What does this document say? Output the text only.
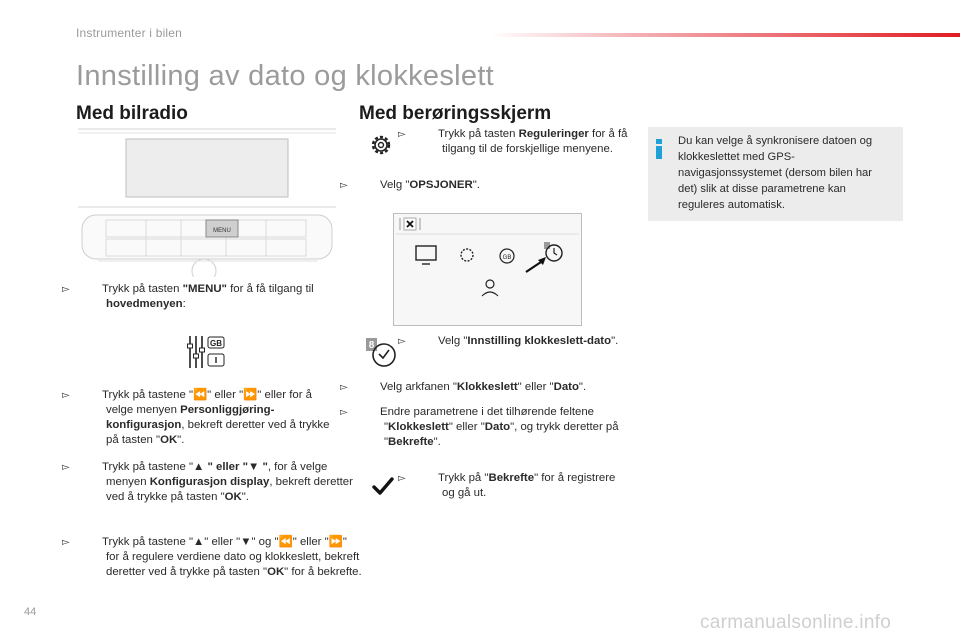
Instrumenter i bilen
Innstilling av dato og klokkeslett
Med bilradio
MENU
▻	Trykk på tasten "MENU" for å få tilgang til hovedmenyen:
GB
▻	Trykk på tastene "⏪" eller "⏩" eller for å velge menyen Personliggjøring-konfigurasjon, bekreft deretter ved å trykke på tasten "OK".
▻	Trykk på tastene "▲ " eller "▼ ", for å velge menyen Konfigurasjon display, bekreft deretter ved å trykke på tasten "OK".
▻	Trykk på tastene "▲" eller "▼" og "⏪" eller "⏩" for å regulere verdiene dato og klokkeslett, bekreft deretter ved å trykke på tasten "OK" for å bekrefte.
Med berøringsskjerm
▻	Trykk på tasten Reguleringer for å få tilgang til de forskjellige menyene.
▻	Velg "OPSJONER".
GB
8 ▻	Velg "Innstilling klokkeslett-dato".
▻	Velg arkfanen "Klokkeslett" eller "Dato".
▻	Endre parametrene i det tilhørende feltene "Klokkeslett" eller "Dato", og trykk deretter på "Bekrefte".
▻	Trykk på "Bekrefte" for å registrere og gå ut.
Du kan velge å synkronisere datoen og klokkeslettet med GPS-navigasjonssystemet (dersom bilen har det) slik at disse parametrene kan reguleres automatisk.
44	carmanualsonline.info
